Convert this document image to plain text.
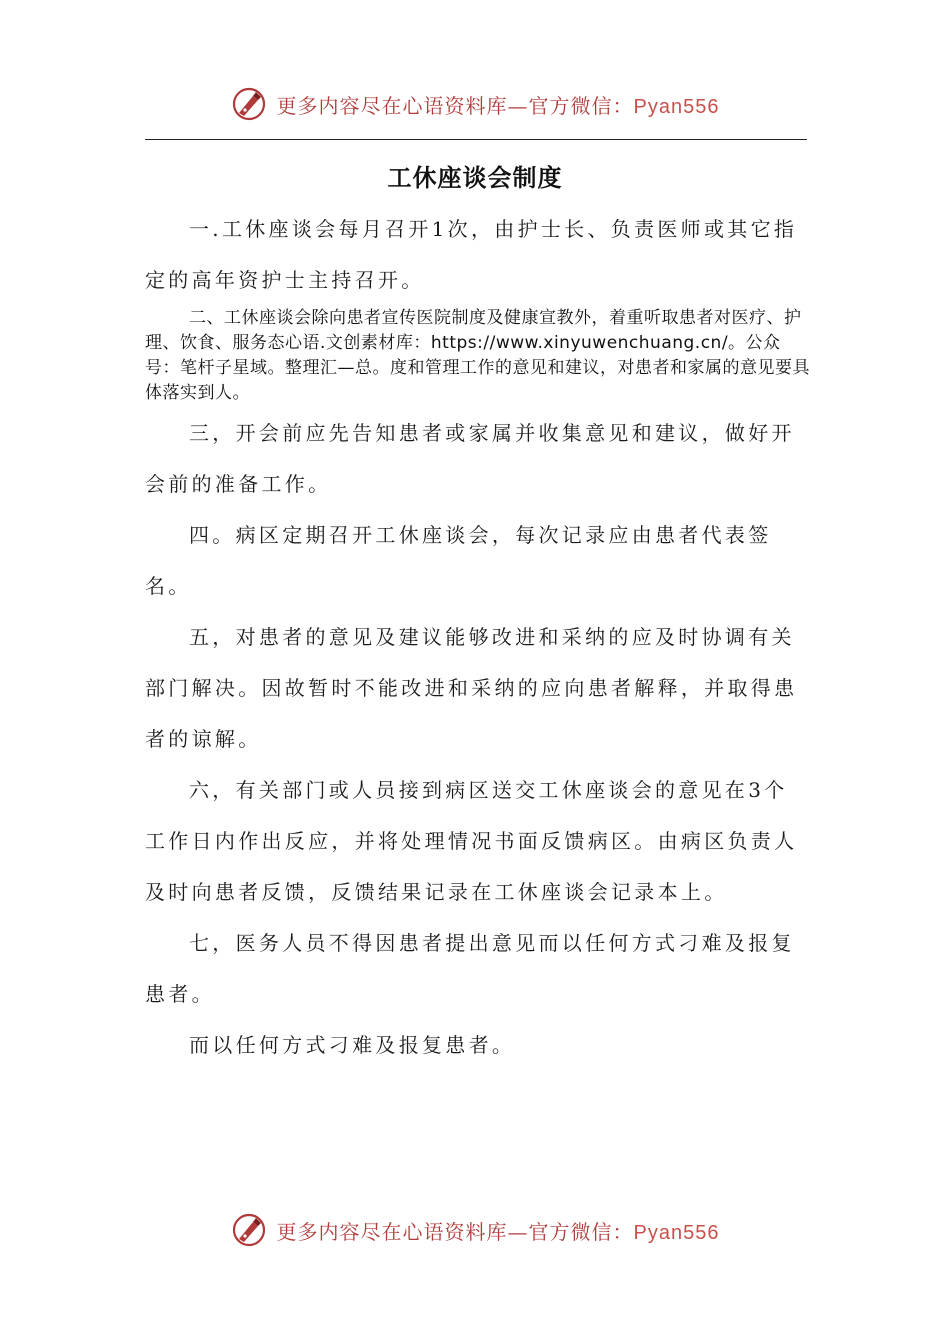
更多内容尽在心语资料库—官方微信：Pyan556
工休座谈会制度

一.工休座谈会每月召开1次，由护士长、负责医师或其它指定的高年资护士主持召开。

二、工休座谈会除向患者宣传医院制度及健康宣教外，着重听取患者对医疗、护理、饮食、服务态心语.文创素材库：https://www.xinyuwenchuang.cn/。公众号：笔杆子星域。整理汇—总。度和管理工作的意见和建议，对患者和家属的意见要具体落实到人。

三，开会前应先告知患者或家属并收集意见和建议，做好开会前的准备工作。

四。病区定期召开工休座谈会，每次记录应由患者代表签名。

五，对患者的意见及建议能够改进和采纳的应及时协调有关部门解决。因故暂时不能改进和采纳的应向患者解释，并取得患者的谅解。

六，有关部门或人员接到病区送交工休座谈会的意见在3个工作日内作出反应，并将处理情况书面反馈病区。由病区负责人及时向患者反馈，反馈结果记录在工休座谈会记录本上。

七，医务人员不得因患者提出意见而以任何方式刁难及报复患者。

而以任何方式刁难及报复患者。

更多内容尽在心语资料库—官方微信：Pyan556
